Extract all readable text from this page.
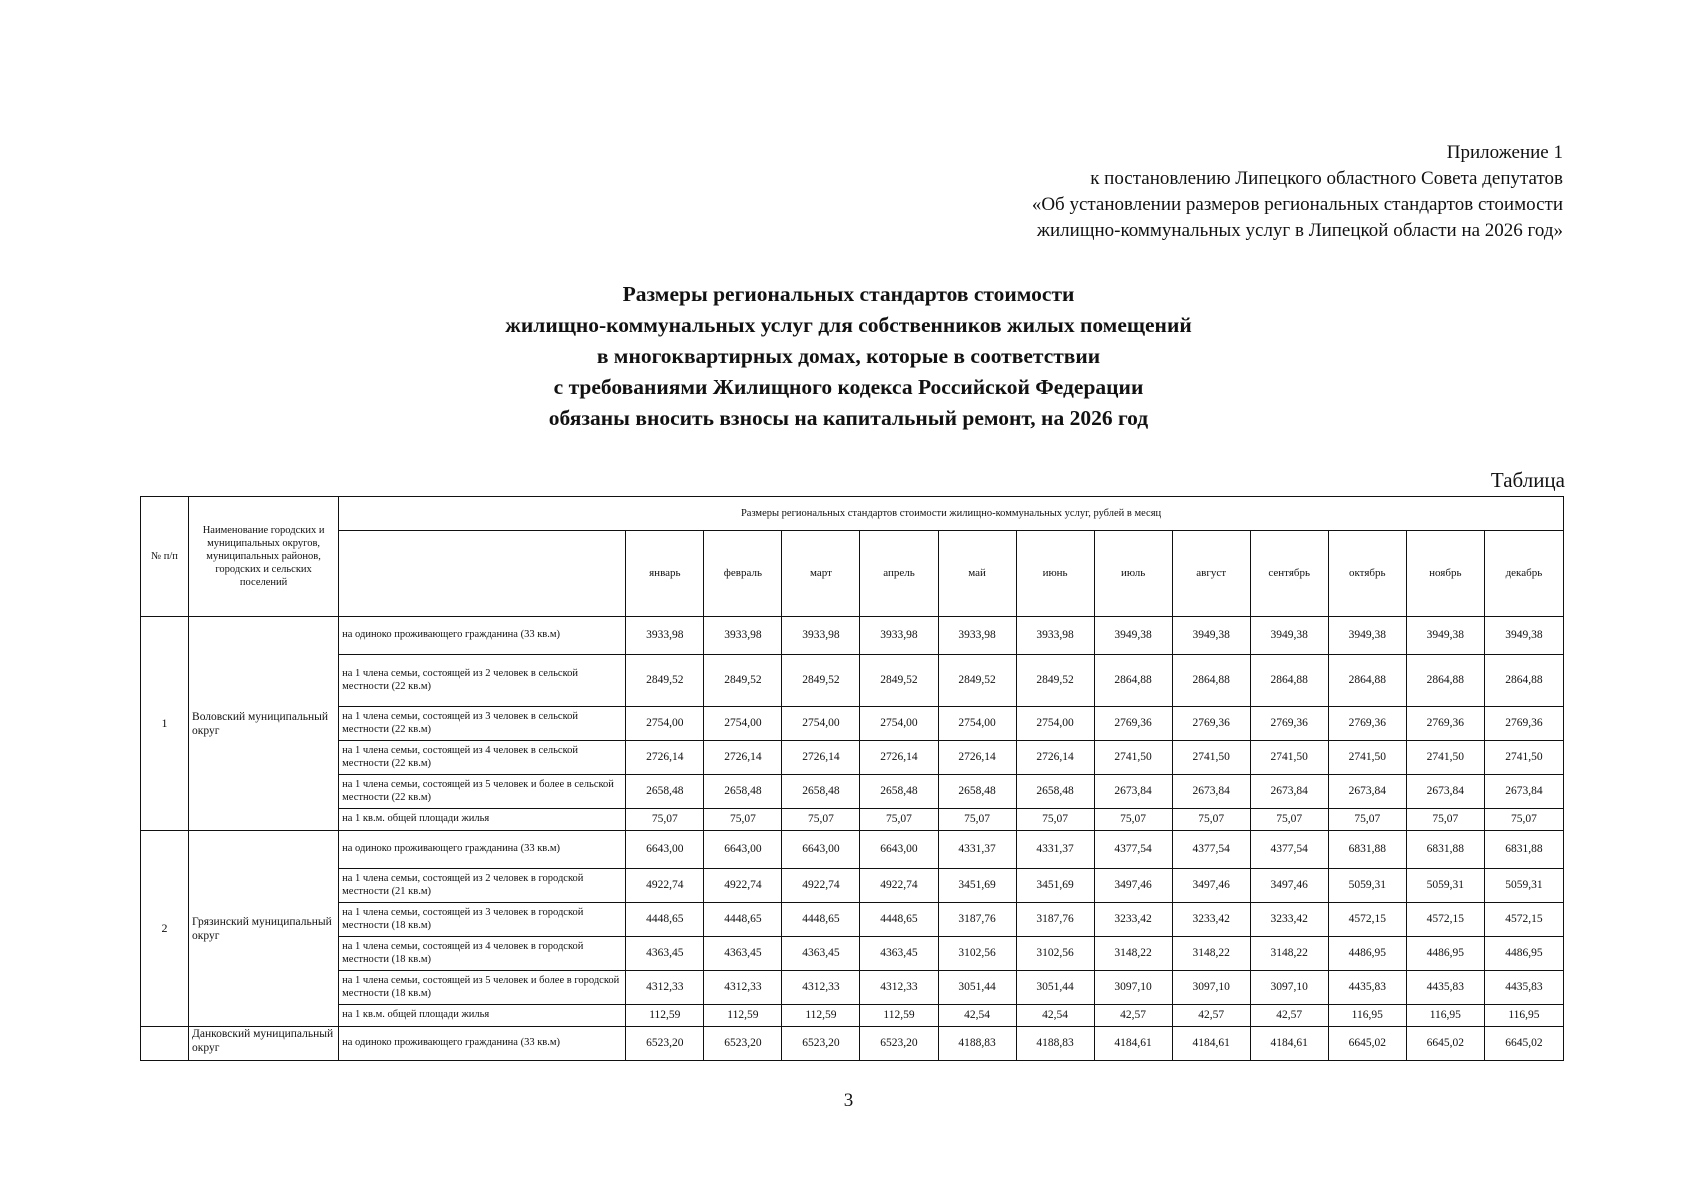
Приложение 1
к постановлению Липецкого областного Совета депутатов
«Об установлении размеров региональных стандартов стоимости
жилищно-коммунальных услуг в Липецкой области на 2026 год»
Размеры региональных стандартов стоимости
жилищно-коммунальных услуг для собственников жилых помещений
в многоквартирных домах, которые в соответствии
с требованиями Жилищного кодекса Российской Федерации
обязаны вносить взносы на капитальный ремонт, на 2026 год
Таблица
№ п/п	Наименование городских и муниципальных округов, муниципальных районов, городских и сельских поселений	Размеры региональных стандартов стоимости жилищно-коммунальных услуг, рублей в месяц												
			январь	февраль	март	апрель	май	июнь	июль	август	сентябрь	октябрь	ноябрь	декабрь
1	Воловский муниципальный округ	на одиноко проживающего гражданина (33 кв.м)	3933,98	3933,98	3933,98	3933,98	3933,98	3933,98	3949,38	3949,38	3949,38	3949,38	3949,38	3949,38
		на 1 члена семьи, состоящей из 2 человек в сельской местности (22 кв.м)	2849,52	2849,52	2849,52	2849,52	2849,52	2849,52	2864,88	2864,88	2864,88	2864,88	2864,88	2864,88
		на 1 члена семьи, состоящей из 3 человек в сельской местности (22 кв.м)	2754,00	2754,00	2754,00	2754,00	2754,00	2754,00	2769,36	2769,36	2769,36	2769,36	2769,36	2769,36
		на 1 члена семьи, состоящей из 4 человек в сельской местности (22 кв.м)	2726,14	2726,14	2726,14	2726,14	2726,14	2726,14	2741,50	2741,50	2741,50	2741,50	2741,50	2741,50
		на 1 члена семьи, состоящей из 5 человек и более в сельской местности (22 кв.м)	2658,48	2658,48	2658,48	2658,48	2658,48	2658,48	2673,84	2673,84	2673,84	2673,84	2673,84	2673,84
		на 1 кв.м. общей площади жилья	75,07	75,07	75,07	75,07	75,07	75,07	75,07	75,07	75,07	75,07	75,07	75,07
2	Грязинский муниципальный округ	на одиноко проживающего гражданина (33 кв.м)	6643,00	6643,00	6643,00	6643,00	4331,37	4331,37	4377,54	4377,54	4377,54	6831,88	6831,88	6831,88
		на 1 члена семьи, состоящей из 2 человек в городской местности (21 кв.м)	4922,74	4922,74	4922,74	4922,74	3451,69	3451,69	3497,46	3497,46	3497,46	5059,31	5059,31	5059,31
		на 1 члена семьи, состоящей из 3 человек в городской местности (18 кв.м)	4448,65	4448,65	4448,65	4448,65	3187,76	3187,76	3233,42	3233,42	3233,42	4572,15	4572,15	4572,15
		на 1 члена семьи, состоящей из 4 человек в городской местности (18 кв.м)	4363,45	4363,45	4363,45	4363,45	3102,56	3102,56	3148,22	3148,22	3148,22	4486,95	4486,95	4486,95
		на 1 члена семьи, состоящей из 5 человек и более в городской местности (18 кв.м)	4312,33	4312,33	4312,33	4312,33	3051,44	3051,44	3097,10	3097,10	3097,10	4435,83	4435,83	4435,83
		на 1 кв.м. общей площади жилья	112,59	112,59	112,59	112,59	42,54	42,54	42,57	42,57	42,57	116,95	116,95	116,95
	Данковский муниципальный округ	на одиноко проживающего гражданина (33 кв.м)	6523,20	6523,20	6523,20	6523,20	4188,83	4188,83	4184,61	4184,61	4184,61	6645,02	6645,02	6645,02
3
